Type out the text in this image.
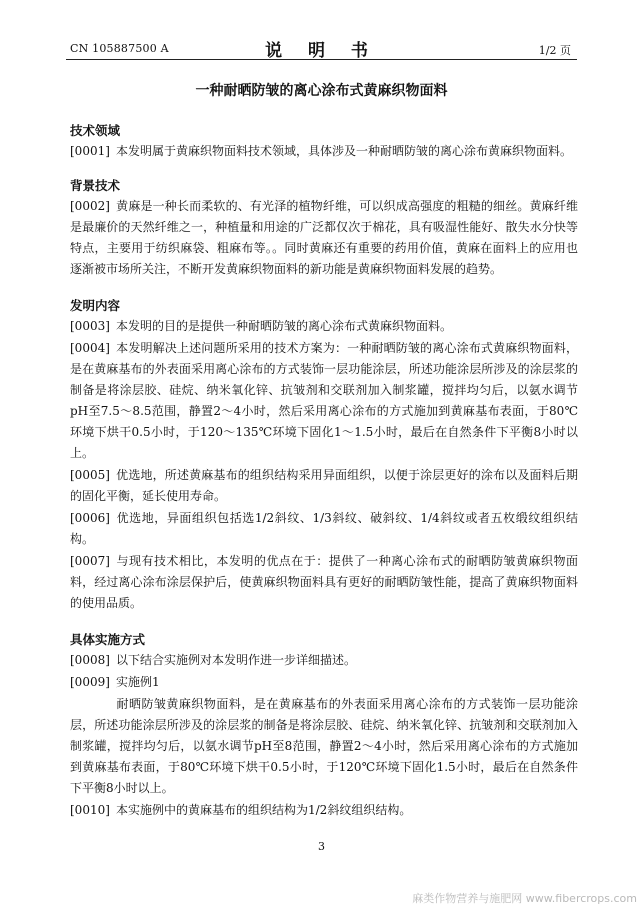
CN 105887500 A	说 明 书	1/2 页
一种耐晒防皱的离心涂布式黄麻织物面料
技术领域

[0001] 本发明属于黄麻织物面料技术领域，具体涉及一种耐晒防皱的离心涂布黄麻织物面料。

背景技术

[0002] 黄麻是一种长而柔软的、有光泽的植物纤维，可以织成高强度的粗糙的细丝。黄麻纤维是最廉价的天然纤维之一，种植量和用途的广泛都仅次于棉花，具有吸湿性能好、散失水分快等特点，主要用于纺织麻袋、粗麻布等。。同时黄麻还有重要的药用价值，黄麻在面料上的应用也逐渐被市场所关注，不断开发黄麻织物面料的新功能是黄麻织物面料发展的趋势。

发明内容

[0003] 本发明的目的是提供一种耐晒防皱的离心涂布式黄麻织物面料。

[0004] 本发明解决上述问题所采用的技术方案为：一种耐晒防皱的离心涂布式黄麻织物面料，是在黄麻基布的外表面采用离心涂布的方式装饰一层功能涂层，所述功能涂层所涉及的涂层浆的制备是将涂层胶、硅烷、纳米氧化锌、抗皱剂和交联剂加入制浆罐，搅拌均匀后，以氨水调节pH至7.5～8.5范围，静置2～4小时，然后采用离心涂布的方式施加到黄麻基布表面，于80℃环境下烘干0.5小时，于120～135℃环境下固化1～1.5小时，最后在自然条件下平衡8小时以上。

[0005] 优选地，所述黄麻基布的组织结构采用异面组织，以便于涂层更好的涂布以及面料后期的固化平衡，延长使用寿命。

[0006] 优选地，异面组织包括选1/2斜纹、1/3斜纹、破斜纹、1/4斜纹或者五枚缎纹组织结构。

[0007] 与现有技术相比，本发明的优点在于：提供了一种离心涂布式的耐晒防皱黄麻织物面料，经过离心涂布涂层保护后，使黄麻织物面料具有更好的耐晒防皱性能，提高了黄麻织物面料的使用品质。

具体实施方式

[0008] 以下结合实施例对本发明作进一步详细描述。

[0009] 实施例1

耐晒防皱黄麻织物面料，是在黄麻基布的外表面采用离心涂布的方式装饰一层功能涂层，所述功能涂层所涉及的涂层浆的制备是将涂层胶、硅烷、纳米氧化锌、抗皱剂和交联剂加入制浆罐，搅拌均匀后，以氨水调节pH至8范围，静置2～4小时，然后采用离心涂布的方式施加到黄麻基布表面，于80℃环境下烘干0.5小时，于120℃环境下固化1.5小时，最后在自然条件下平衡8小时以上。

[0010] 本实施例中的黄麻基布的组织结构为1/2斜纹组织结构。

3
麻类作物营养与施肥网 www.fibercrops.com
